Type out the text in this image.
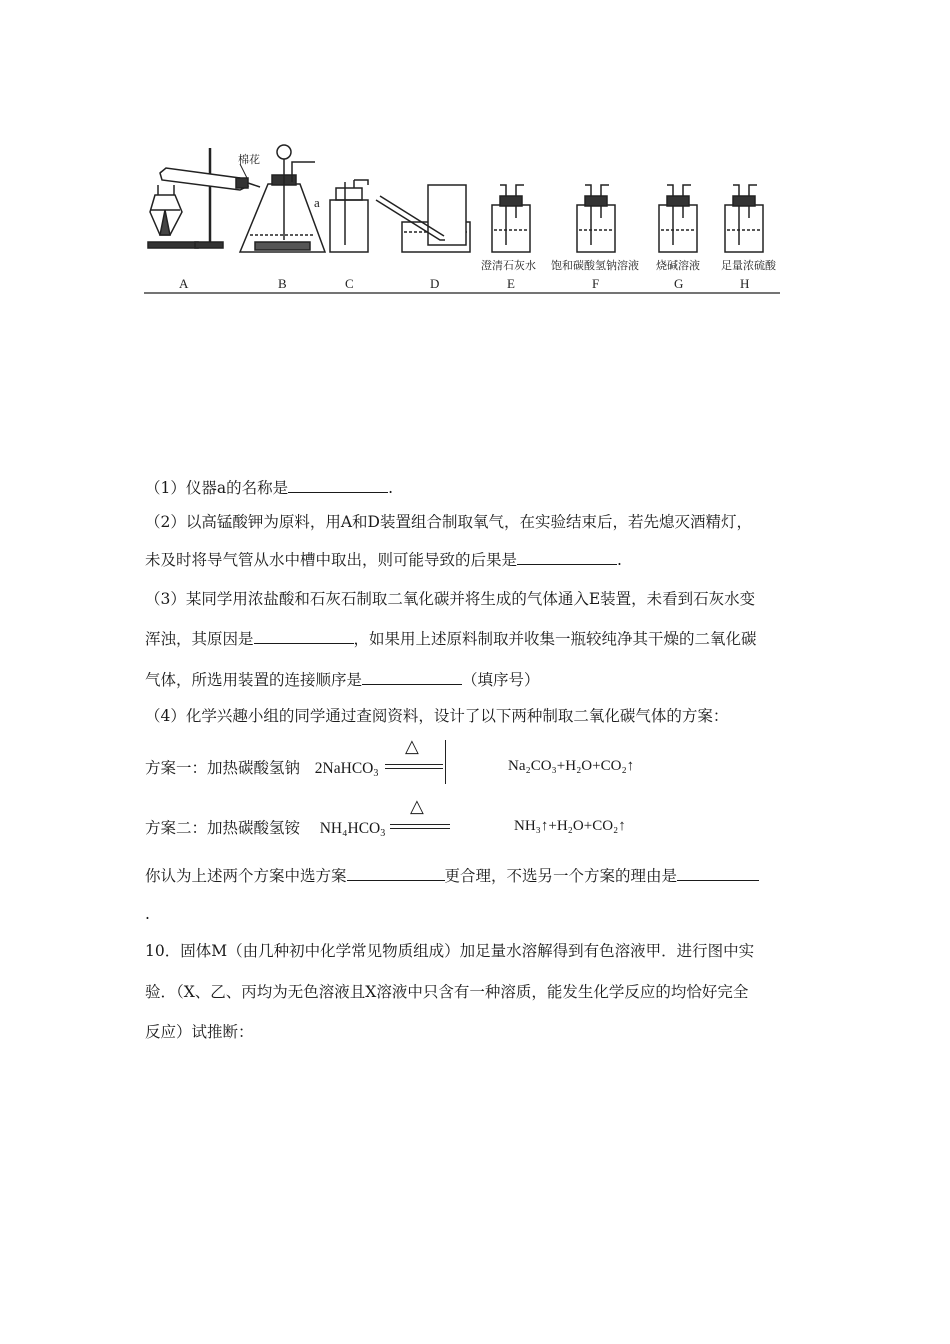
棉花
a
澄清石灰水 饱和碳酸氢钠溶液 烧碱溶液 足量浓硫酸
A	B	C	D	E	F	G	H
（1）仪器a的名称是	.
（2）以高锰酸钾为原料，用A和D装置组合制取氧气，在实验结束后，若先熄灭酒精灯，
未及时将导气管从水中槽中取出，则可能导致的后果是	.
（3）某同学用浓盐酸和石灰石制取二氧化碳并将生成的气体通入E装置，未看到石灰水变
浑浊，其原因是	，如果用上述原料制取并收集一瓶较纯净其干燥的二氧化碳
气体，所选用装置的连接顺序是	（填序号）
（4）化学兴趣小组的同学通过查阅资料，设计了以下两种制取二氧化碳气体的方案：
方案一：加热碳酸氢钠 2NaHCO$_3$
△
Na₂CO₃+H₂O+CO₂↑
方案二：加热碳酸氢铵 $NH_4HCO_3$
△
NH₃↑+H₂O+CO₂↑
你认为上述两个方案中选方案	更合理，不选另一个方案的理由是
.
10．固体M（由几种初中化学常见物质组成）加足量水溶解得到有色溶液甲．进行图中实
验．（X、乙、丙均为无色溶液且X溶液中只含有一种溶质，能发生化学反应的均恰好完全
反应）试推断：
